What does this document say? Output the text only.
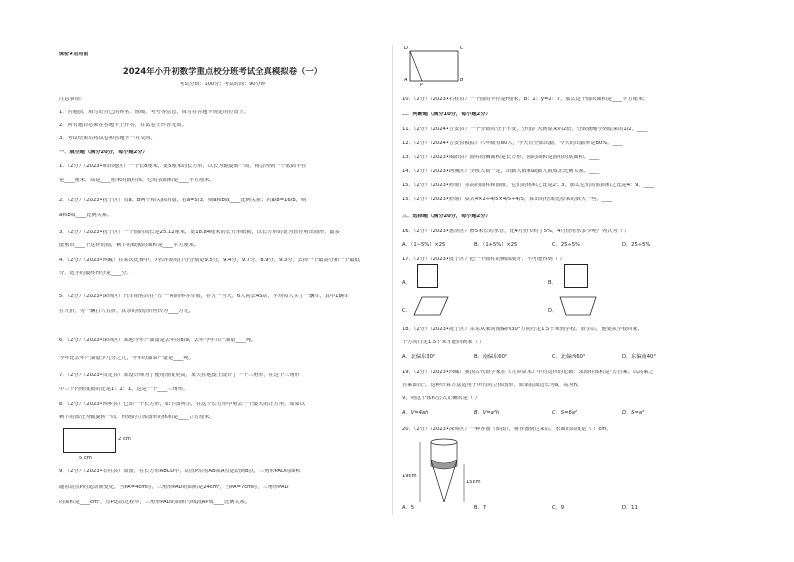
保密★启用前
2024年小升初数学重点校分班考试全真模拟卷（一）
考试分数：100分；考试时间：90分钟
注意事项：
1．答题前，填写好自己的姓名、班级、考号等信息，填写在答题卡规定的位置上。
2．所有题目必须在答题卡上作答，在试卷上作答无效。
3．考试结束后将试卷和答题卡一并交回。
一．填空题（满分20分，每小题2分）
1．（2分）（2023•和田地区）一个长8厘米，宽5厘米的长方形，以长为轴旋转一周，将会得到一个底面半径
是____厘米，高是____厘米的圆柱体，它的表面积是____平方厘米。
2．（2分）（2023•抚宁区）有a、b两个相关联的量，若a=5/3，则a和b成____比例关系；若a/8=16/b，则
a和b成____比例关系。
3．（2分）（2023•抚宁区）一个圆的周长是25.12厘米，宽18.84厘米的长方形纸板，以长方形的宽为直径剪出圆形，最多
能剪出____个这样的圆，剩下的纸板的面积是____平方厘米。
4．（2分）（2023•西藏）在某次比赛中，7名评委的打分分别是9.5分，9.4分，9.7分，8.9分，9.3分。去掉一个最高分和一个最低
分，选手的最终得分是____分。
5．（2分）（2023•深圳区）汽车销售店在"五一"期间举办车展，在五一当天，6人同去4S店，平均每人买了一辆车，其中1辆车
打九折，另一辆打八五折，其余的按原价售价为____万元。
6．（2分）（2023•深圳区）某地今年产油量是去年的8/9，去年今年共产油量____吨。
今年比去年产油量少几分之几，今年的油菜产量是____吨。
7．（2分）（2023•贵定县）某设计师为了使用准度更高，某天在地图上设计了一个三角形，在这个三角形
中三个内角度数的比是1：2：1，这是一个____三角形。
8．（2分）（2023•西乡县）已知一个长方形，如下图所示，在这个长方形中剪去一个最大的正方形，如果以
剩下的部分为轴旋转一周，得到的立体图形的体积是____立方厘米。
2 cm
5 cm
9．（2分）（2023•石柱县）如图，在长方形ABCD中，动点P沿着AB从A点运动到B点，三角形PAD的面积
随着动点P的运动而变化，当PA=4cm时，三角形PAD的面积是24cm²，当PA=7cm时，三角形PAD
的面积是____cm²，点P运动过程中，三角形PAD的面积与线段AP成____比例关系。
D	C
A
P
B
10．（2分）（2023•石柱县）一个圆的半径是r厘米，B：2：y=2：7，那么这个圆的面积是____平方厘米。
二．判断题（满分10分，每小题2分）
11．（2分）（2024•吉安县）一个分数的分子不变，分母扩大到原来的2倍，分数就缩小到原来的1/2。____
12．（2分）（2024•吉安县模拟）六年级有80人，今天有全部出勤，今天的出勤率是80%。____
13．（2分）（2023•揭阳县）圆柱的侧面积是长方形，圆的面积是圆柱的底面积。____
14．（2分）（2023•阿城区）全班人数一定，出勤人数和缺勤人数成正比例关系。____
15．（2分）（2023•黔南）等高的圆柱和圆锥，它们的体积之比是2：3，那么它们的底面积之比是4：9。____
15．（2分）（2023•黔南）算式4×2÷4/5×4/5÷4/5，算出的结果比原来的数大一些。____
三．选择题（满分20分，每小题2分）
16．（2分）（2023•惠济区）修5米长的水管，比4月份节约了5%，4月份用水多少吨？列式为（ ）
A．（1−5%）×25	B．（1+5%）×25	C．25÷5%	D．25÷5%
17．（2分）（2023•抚宁区）把一个圆柱的侧面展开，不可能得到（ ）
A．	B．
C．	D．
18．（2分）（2023•抚宁区）东东从家向南偏西30°方向行走1.5千米到学校。放学后，他要从学校回家，
个方向行走1.5千米才能回到家（ ）
A．北偏东30°	B．南偏东60°	C．北偏西60°	D．东偏南40°
19．（2分）（2023•西藏）我国古代数学家在《九章算术》中有这样的记载：求圆柱体积是"方自乘，以高乘之
自乘即次"。这种计算方法适用于所有的立体图形，如果底面边长为a，高为h，
V。则这个体积公式正确的是（ ）
A．V=4ah	B．V=a²h	C．S=6a²	D．S=a³
20．（2分）（2023•深圳区）一种容器（如图），将容器倒过来后，水面的高度是（ ）cm。
19cm
15cm
A．5	B．7	C．9	D．11
